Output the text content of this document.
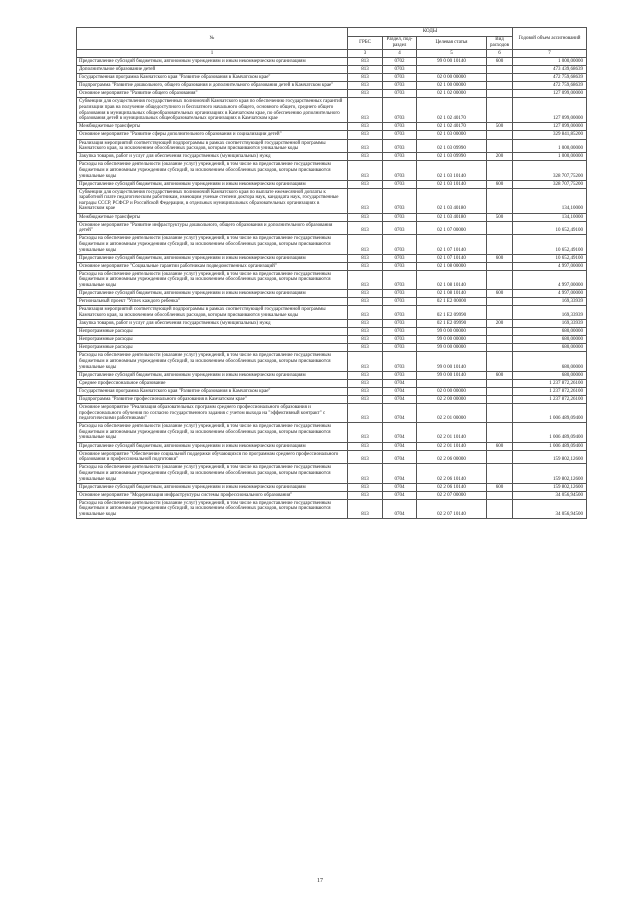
№	КОДЫ				Годовой объем ассигнований
	ГРБС	Раздел, под-раздел	Целевая статья	Вид расходов	
1	3	4	5	6	7
Предоставление субсидий бюджетным, автономным учреждениям и иным некоммерческим организациям	813	0702	99 0 00 10140	600	1 000,00000
Дополнительное образование детей	813	0703			473 439,68639
Государственная программа Камчатского края "Развитие образования в Камчатском крае"	813	0703	02 0 00 00000		472 759,68639
Подпрограмма "Развитие дошкольного, общего образования и дополнительного образования детей в Камчатском крае"	813	0703	02 1 00 00000		472 759,68639
Основное мероприятие "Развитие общего образования"	813	0703	02 1 02 00000		127 099,00000
Субвенции для осуществления государственных полномочий Камчатского края по обеспечению государственных гарантий реализации прав на получение общедоступного и бесплатного начального общего, основного общего, среднего общего образования в муниципальных общеобразовательных организациях в Камчатском крае, по обеспечению дополнительного образования детей в муниципальных общеобразовательных организациях в Камчатском крае	813	0703	02 1 02 40170		127 099,00000
Межбюджетные трансферты	813	0703	02 1 02 40170	500	127 099,00000
Основное мероприятие "Развитие сферы дополнительного образования и социализации детей"	813	0703	02 1 03 00000		329 841,85200
Реализация мероприятий соответствующей подпрограммы в рамках соответствующей государственной программы Камчатского края, за исключением обособленных расходов, которым присваиваются уникальные коды	813	0703	02 1 03 09990		1 000,00000
Закупка товаров, работ и услуг для обеспечения государственных (муниципальных) нужд	813	0703	02 1 03 09990	200	1 000,00000
Расходы на обеспечение деятельности (оказание услуг) учреждений, в том числе на предоставление государственным бюджетным и автономным учреждениям субсидий, за исключением обособленных расходов, которым присваиваются уникальные коды	813	0703	02 1 03 10140		328 707,75200
Предоставление субсидий бюджетным, автономным учреждениям и иным некоммерческим организациям	813	0703	02 1 03 10140	600	328 707,75200
Субвенции для осуществления государственных полномочий Камчатского края по выплате ежемесячной доплаты к заработной плате педагогическим работникам, имеющим ученые степени доктора наук, кандидата наук, государственные награды СССР, РСФСР и Российской Федерации, в отдельных муниципальных образовательных организациях в Камчатском крае	813	0703	02 1 03 40180		134,10000
Межбюджетные трансферты	813	0703	02 1 03 40180	500	134,10000
Основное мероприятие "Развитие инфраструктуры дошкольного, общего образования и дополнительного образования детей"	813	0703	02 1 07 00000		10 652,49100
Расходы на обеспечение деятельности (оказание услуг) учреждений, в том числе на предоставление государственным бюджетным и автономным учреждениям субсидий, за исключением обособленных расходов, которым присваиваются уникальные коды	813	0703	02 1 07 10140		10 652,49100
Предоставление субсидий бюджетным, автономным учреждениям и иным некоммерческим организациям	813	0703	02 1 07 10140	600	10 652,49100
Основное мероприятие "Социальные гарантии работникам подведомственных организаций"	813	0703	02 1 08 00000		4 997,00000
Расходы на обеспечение деятельности (оказание услуг) учреждений, в том числе на предоставление государственным бюджетным и автономным учреждениям субсидий, за исключением обособленных расходов, которым присваиваются уникальные коды	813	0703	02 1 08 10140		4 997,00000
Предоставление субсидий бюджетным, автономным учреждениям и иным некоммерческим организациям	813	0703	02 1 08 10140	600	4 997,00000
Региональный проект "Успех каждого ребенка"	813	0703	02 1 E2 00000		169,33939
Реализация мероприятий соответствующей подпрограммы в рамках соответствующей государственной программы Камчатского края, за исключением обособленных расходов, которым присваиваются уникальные коды	813	0703	02 1 E2 09990		169,33939
Закупка товаров, работ и услуг для обеспечения государственных (муниципальных) нужд	813	0703	02 1 E2 09990	200	169,33939
Непрограммные расходы	813	0703	99 0 00 00000		680,00000
Непрограммные расходы	813	0703	99 0 00 00000		680,00000
Непрограммные расходы	813	0703	99 0 00 00000		680,00000
Расходы на обеспечение деятельности (оказание услуг) учреждений, в том числе на предоставление государственным бюджетным и автономным учреждениям субсидий, за исключением обособленных расходов, которым присваиваются уникальные коды	813	0703	99 0 00 10140		680,00000
Предоставление субсидий бюджетным, автономным учреждениям и иным некоммерческим организациям	813	0703	99 0 00 10140	600	680,00000
Среднее профессиональное образование	813	0704			1 237 872,26100
Государственная программа Камчатского края "Развитие образования в Камчатском крае"	813	0704	02 0 00 00000		1 237 872,26100
Подпрограмма "Развитие профессионального образования в Камчатском крае"	813	0704	02 2 00 00000		1 237 872,26100
Основное мероприятие "Реализация образовательных программ среднего профессионального образования и профессионального обучения по согласно государственного задания с учетом выхода на "эффективный контракт" с педагогическими работниками"	813	0704	02 2 01 00000		1 006 489,09400
Расходы на обеспечение деятельности (оказание услуг) учреждений, в том числе на предоставление государственным бюджетным и автономным учреждениям субсидий, за исключением обособленных расходов, которым присваиваются уникальные коды	813	0704	02 2 01 10140		1 006 489,09400
Предоставление субсидий бюджетным, автономным учреждениям и иным некоммерческим организациям	813	0704	02 2 01 10140	600	1 006 489,09400
Основное мероприятие "Обеспечение социальной поддержки обучающихся по программам среднего профессионального образования и профессиональной подготовки"	813	0704	02 2 06 00000		159 802,12600
Расходы на обеспечение деятельности (оказание услуг) учреждений, в том числе на предоставление государственным бюджетным и автономным учреждениям субсидий, за исключением обособленных расходов, которым присваиваются уникальные коды	813	0704	02 2 06 10140		159 802,12600
Предоставление субсидий бюджетным, автономным учреждениям и иным некоммерческим организациям	813	0704	02 2 06 10140	600	159 802,12600
Основное мероприятие "Модернизация инфраструктуры системы профессионального образования"	813	0704	02 2 07 00000		34 056,94500
Расходы на обеспечение деятельности (оказание услуг) учреждений, в том числе на предоставление государственным бюджетным и автономным учреждениям субсидий, за исключением обособленных расходов, которым присваиваются уникальные коды	813	0704	02 2 07 10140		34 056,94500
17
